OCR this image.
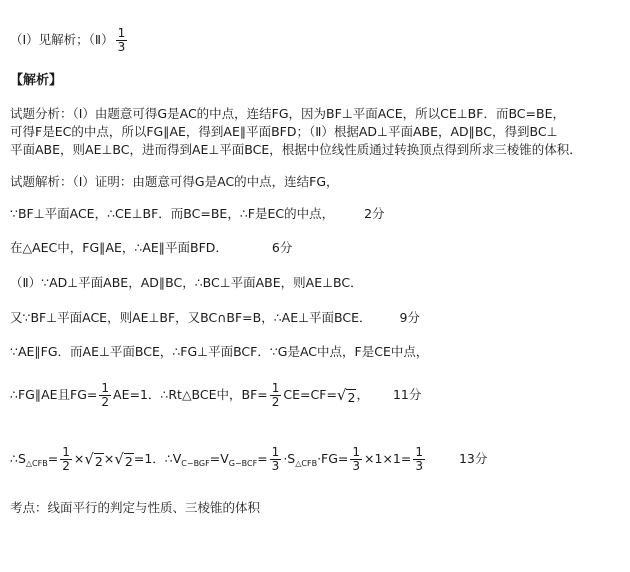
（Ⅰ）见解析；（Ⅱ） $\frac{1}{3}$
【解析】
试题分析：（Ⅰ）由题意可得G是AC的中点，连结FG，因为BF⊥平面ACE，所以CE⊥BF．而BC=BE，
可得F是EC的中点，所以FG∥AE，得到AE∥平面BFD；（Ⅱ）根据AD⊥平面ABE，AD∥BC，得到BC⊥
平面ABE，则AE⊥BC，进而得到AE⊥平面BCE，根据中位线性质通过转换顶点得到所求三棱锥的体积．
试题解析：（Ⅰ）证明：由题意可得G是AC的中点，连结FG，
∵BF⊥平面ACE，∴CE⊥BF．而BC=BE，∴F是EC的中点， 2分
在△AEC中，FG∥AE，∴AE∥平面BFD．	6分
（Ⅱ）∵AD⊥平面ABE，AD∥BC，∴BC⊥平面ABE，则AE⊥BC．
又∵BF⊥平面ACE，则AE⊥BF，又BC∩BF=B，∴AE⊥平面BCE． 9分
∵AE∥FG．而AE⊥平面BCE，∴FG⊥平面BCF．∵G是AC中点，F是CE中点，
∴FG∥AE且$FG= \frac{1}{2} AE=1$．∴Rt△BCE中，$BF= \frac{1}{2} CE=CF=$ √ 2 ， 11分
$\therefore S_{\triangle CFB}= \frac{1}{2}$ × √ 2 × √ 2 =1．$\therefore V_{C-BGF}=V_{G-BCF}= \frac{1}{3} \cdot S_{\triangle CFB}\cdot FG= \frac{1}{3} \times 1\times 1= \frac{1}{3}$	13分
考点：线面平行的判定与性质、三棱锥的体积
